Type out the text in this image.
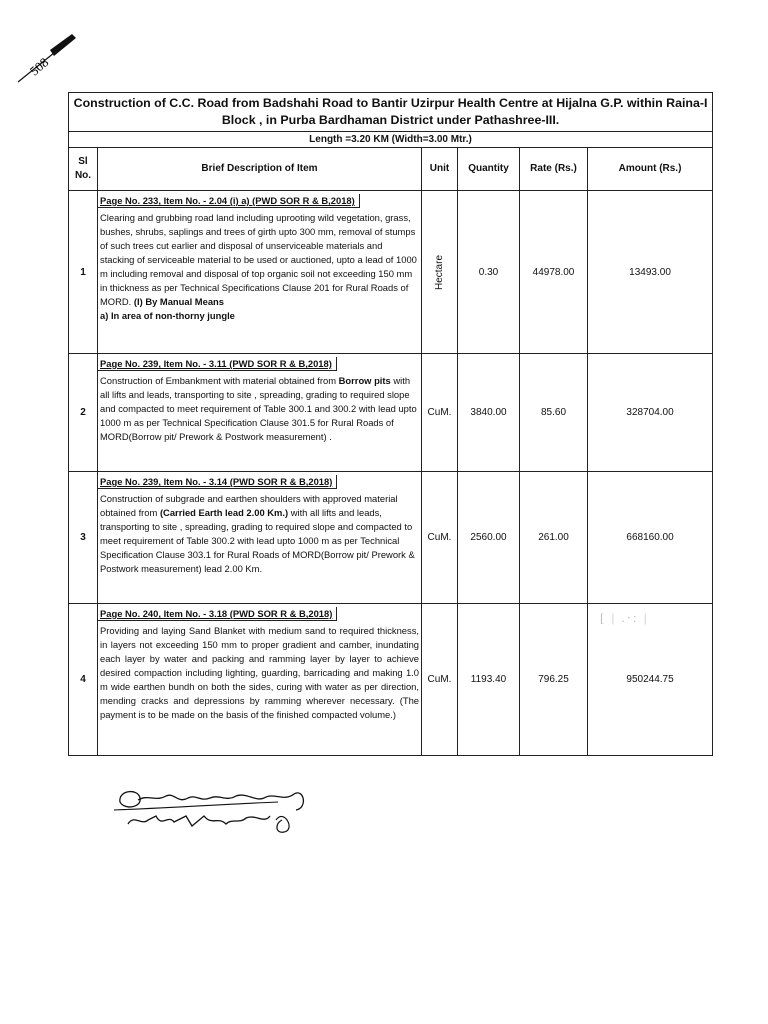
508
[ | .·: |
Construction of C.C. Road from Badshahi Road to Bantir Uzirpur Health Centre at Hijalna G.P. within Raina-I Block , in Purba Bardhaman District under Pathashree-III.					
Length =3.20 KM (Width=3.00 Mtr.)					
Sl No.	Brief Description of Item	Unit	Quantity	Rate (Rs.)	Amount (Rs.)
1	Page No. 233, Item No. - 2.04 (i) a) (PWD SOR R & B,2018)
Clearing and grubbing road land including uprooting wild vegetation, grass, bushes, shrubs, saplings and trees of girth upto 300 mm, removal of stumps of such trees cut earlier and disposal of unserviceable materials and stacking of serviceable material to be used or auctioned, upto a lead of 1000 m including removal and disposal of top organic soil not exceeding 150 mm in thickness as per Technical Specifications Clause 201 for Rural Roads of MORD. (I) By Manual Means
a) In area of non-thorny jungle	Hectare	0.30	44978.00	13493.00
2	Page No. 239, Item No. - 3.11 (PWD SOR R & B,2018)
Construction of Embankment with material obtained from Borrow pits with all lifts and leads, transporting to site , spreading, grading to required slope and compacted to meet requirement of Table 300.1 and 300.2 with lead upto 1000 m as per Technical Specification Clause 301.5 for Rural Roads of MORD(Borrow pit/ Prework & Postwork measurement) .	CuM.	3840.00	85.60	328704.00
3	Page No. 239, Item No. - 3.14 (PWD SOR R & B,2018)
Construction of subgrade and earthen shoulders with approved material obtained from (Carried Earth lead 2.00 Km.) with all lifts and leads, transporting to site , spreading, grading to required slope and compacted to meet requirement of Table 300.2 with lead upto 1000 m as per Technical Specification Clause 303.1 for Rural Roads of MORD(Borrow pit/ Prework & Postwork measurement) lead 2.00 Km.	CuM.	2560.00	261.00	668160.00
4	Page No. 240, Item No. - 3.18 (PWD SOR R & B,2018)
Providing and laying Sand Blanket with medium sand to required thickness, in layers not exceeding 150 mm to proper gradient and camber, inundating each layer by water and packing and ramming layer by layer to achieve desired compaction including lighting, guarding, barricading and making 1.0 m wide earthen bundh on both the sides, curing with water as per direction, mending cracks and depressions by ramming wherever necessary. (The payment is to be made on the basis of the finished compacted volume.)	CuM.	1193.40	796.25	950244.75
